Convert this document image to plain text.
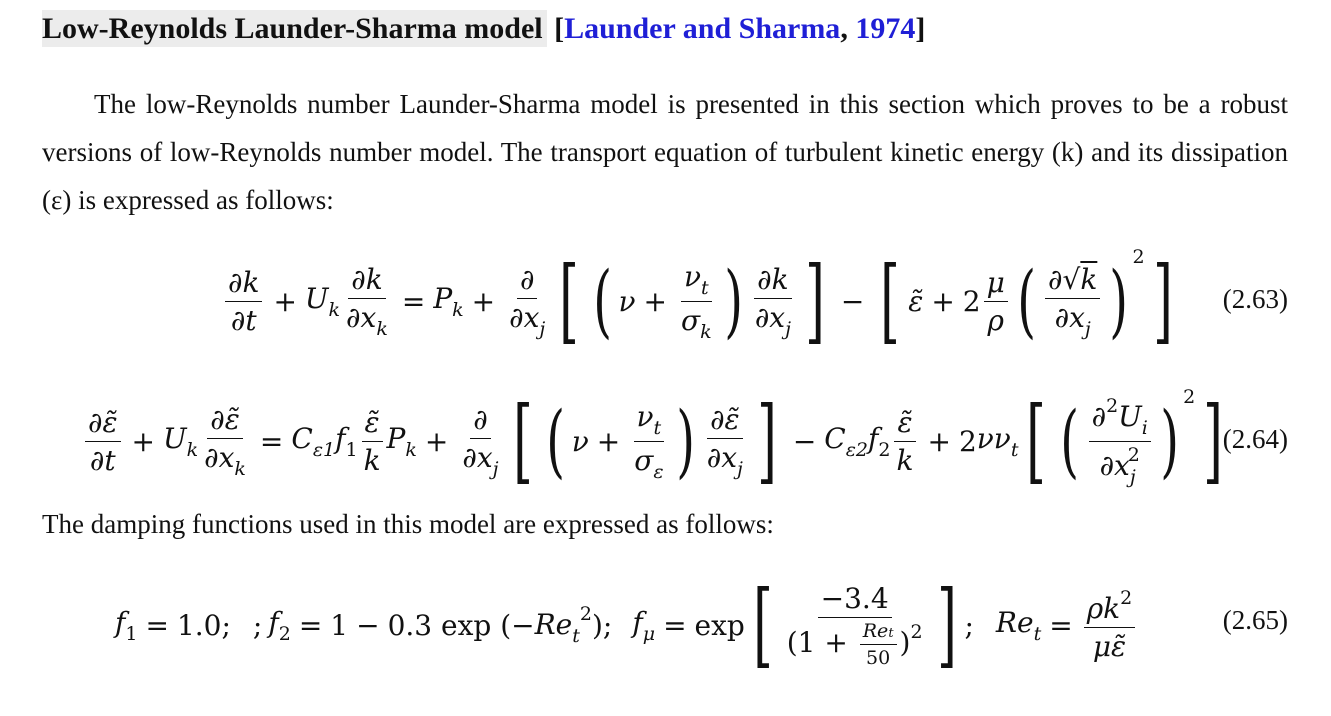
Low-Reynolds Launder-Sharma model [Launder and Sharma, 1974]
The low-Reynolds number Launder-Sharma model is presented in this section which proves to be a robust versions of low-Reynolds number model. The transport equation of turbulent kinetic energy (k) and its dissipation (ε) is expressed as follows:
$\frac{\partial k}{\partial t} + U_k \frac{\partial k}{\partial x_k} = P_k + \frac{\partial}{\partial x_j}$ [ ( $\nu + \frac{\nu_t}{\sigma_k}$ ) $\frac{\partial k}{\partial x_j}$ ] − [ ε̃ + $2 \frac{\mu}{\rho}$ ( $\frac{\partial√k}{\partial x_j}$ ) 2 ] (2.63)
$\frac{\partial\varepsiloñ}{\partial t} + U_k \frac{\partial\varepsiloñ}{\partial x_k} = C_{\varepsilon 1}f_1 \frac{\varepsiloñ}{k} P_k + \frac{\partial}{\partial x_j}$ [ ( $\nu + \frac{\nu_t}{\sigma_\varepsilon}$ ) $\frac{\partial\varepsiloñ}{\partial x_j}$ ] − $C_{\varepsilon 2}f_2 \frac{\varepsiloñ}{k} + 2$ $\nu\nu_t$ [ ( $\frac{\partial^2U_i}{\partial x_j^2}$ ) 2 ] (2.64)
The damping functions used in this model are expressed as follows:
$f_1 = 1.0$; ; $f_2 = 1 - 0.3$ exp (− $Re_t^2$ ); $f_\mu = \exp$ [ $\frac{-3.4}{(1 + \frac{\text{Ret}}{50} )^2}$ ] ; $Re_t = \frac{\rho k^2}{\mu\varepsiloñ}$	(2.65)
